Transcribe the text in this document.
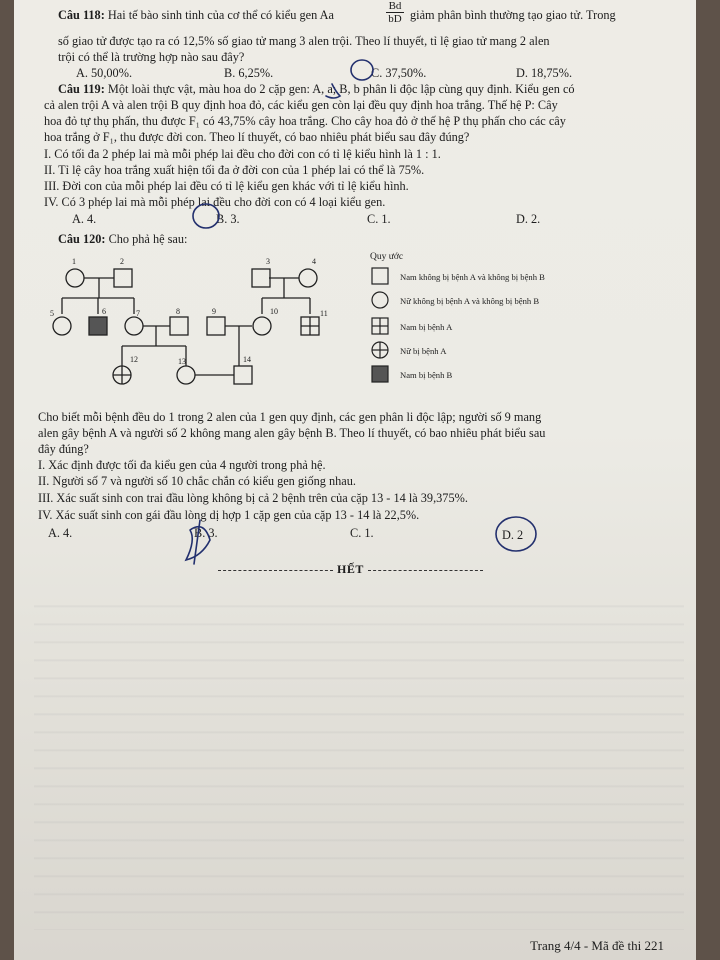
Câu 118: Hai tế bào sinh tinh của cơ thể có kiểu gen Aa	$\frac{Bd}{bD}$ giảm phân bình thường tạo giao tử. Trong
số giao tử được tạo ra có 12,5% số giao tử mang 3 alen trội. Theo lí thuyết, tỉ lệ giao tử mang 2 alen
trội có thể là trường hợp nào sau đây?
A. 50,00%.	B. 6,25%.	C. 37,50%.	D. 18,75%.
Câu 119: Một loài thực vật, màu hoa do 2 cặp gen: A, a; B, b phân li độc lập cùng quy định. Kiểu gen có
cả alen trội A và alen trội B quy định hoa đỏ, các kiểu gen còn lại đều quy định hoa trắng. Thế hệ P: Cây
hoa đỏ tự thụ phấn, thu được F₁ có 43,75% cây hoa trắng. Cho cây hoa đỏ ở thế hệ P thụ phấn cho các cây
hoa trắng ở F₁, thu được đời con. Theo lí thuyết, có bao nhiêu phát biểu sau đây đúng?
I. Có tối đa 2 phép lai mà mỗi phép lai đều cho đời con có tỉ lệ kiểu hình là 1 : 1.
II. Tỉ lệ cây hoa trắng xuất hiện tối đa ở đời con của 1 phép lai có thể là 75%.
III. Đời con của mỗi phép lai đều có tỉ lệ kiểu gen khác với tỉ lệ kiểu hình.
IV. Có 3 phép lai mà mỗi phép lai đều cho đời con có 4 loại kiểu gen.
A. 4.	B. 3.	C. 1.	D. 2.
Câu 120: Cho phả hệ sau:
1	2	3	4
5	6	7	8	9	10	11
12	13	14
Quy ước
Nam không bị bệnh A và không bị bệnh B
Nữ không bị bệnh A và không bị bệnh B
Nam bị bệnh A
Nữ bị bệnh A
Nam bị bệnh B
Cho biết mỗi bệnh đều do 1 trong 2 alen của 1 gen quy định, các gen phân li độc lập; người số 9 mang
alen gây bệnh A và người số 2 không mang alen gây bệnh B. Theo lí thuyết, có bao nhiêu phát biểu sau
đây đúng?
I. Xác định được tối đa kiểu gen của 4 người trong phả hệ.
II. Người số 7 và người số 10 chắc chắn có kiểu gen giống nhau.
III. Xác suất sinh con trai đầu lòng không bị cả 2 bệnh trên của cặp 13 - 14 là 39,375%.
IV. Xác suất sinh con gái đầu lòng dị hợp 1 cặp gen của cặp 13 - 14 là 22,5%.
A. 4.	B. 3.	C. 1.	D. 2
HẾT
Trang 4/4 - Mã đề thi 221
